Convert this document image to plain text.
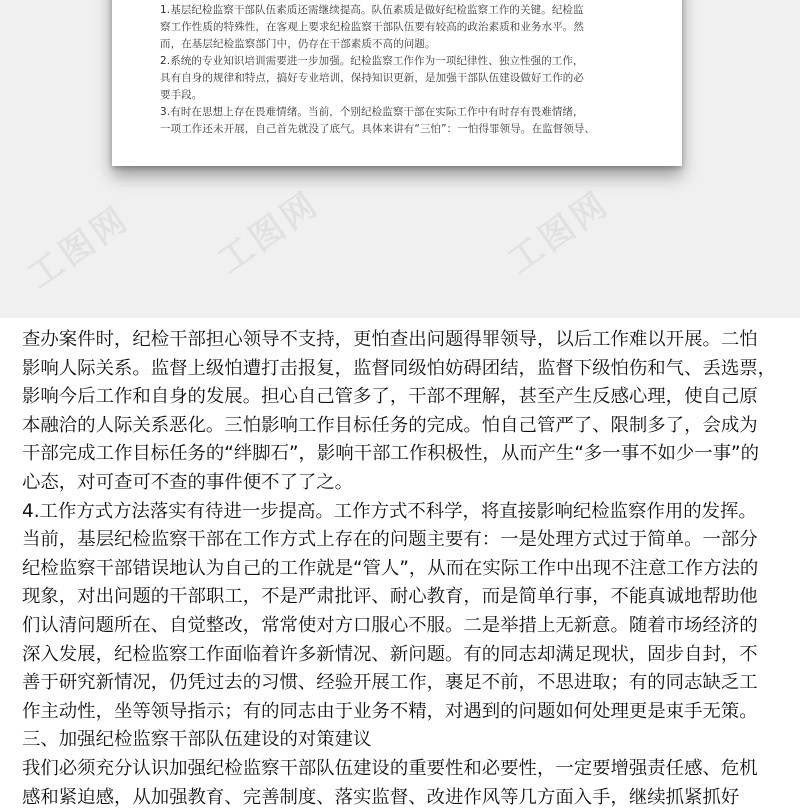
工图网	工图网
工图网
1.基层纪检监察干部队伍素质还需继续提高。队伍素质是做好纪检监察工作的关键。纪检监
察工作性质的特殊性，在客观上要求纪检监察干部队伍要有较高的政治素质和业务水平。然
而，在基层纪检监察部门中，仍存在干部素质不高的问题。
2.系统的专业知识培训需要进一步加强。纪检监察工作作为一项纪律性、独立性强的工作，
具有自身的规律和特点，搞好专业培训，保持知识更新，是加强干部队伍建设做好工作的必
要手段。
3.有时在思想上存在畏难情绪。当前，个别纪检监察干部在实际工作中有时存有畏难情绪，
一项工作还未开展，自己首先就没了底气。具体来讲有“三怕”：一怕得罪领导。在监督领导、
查办案件时，纪检干部担心领导不支持，更怕查出问题得罪领导，以后工作难以开展。二怕
影响人际关系。监督上级怕遭打击报复，监督同级怕妨碍团结，监督下级怕伤和气、丢选票，
影响今后工作和自身的发展。担心自己管多了，干部不理解，甚至产生反感心理，使自己原
本融洽的人际关系恶化。三怕影响工作目标任务的完成。怕自己管严了、限制多了，会成为
干部完成工作目标任务的“绊脚石”，影响干部工作积极性，从而产生“多一事不如少一事”的
心态，对可查可不查的事件便不了了之。
4.工作方式方法落实有待进一步提高。工作方式不科学，将直接影响纪检监察作用的发挥。
当前，基层纪检监察干部在工作方式上存在的问题主要有：一是处理方式过于简单。一部分
纪检监察干部错误地认为自己的工作就是“管人”，从而在实际工作中出现不注意工作方法的
现象，对出问题的干部职工，不是严肃批评、耐心教育，而是简单行事，不能真诚地帮助他
们认清问题所在、自觉整改，常常使对方口服心不服。二是举措上无新意。随着市场经济的
深入发展，纪检监察工作面临着许多新情况、新问题。有的同志却满足现状，固步自封，不
善于研究新情况，仍凭过去的习惯、经验开展工作，裹足不前，不思进取；有的同志缺乏工
作主动性，坐等领导指示；有的同志由于业务不精，对遇到的问题如何处理更是束手无策。
三、加强纪检监察干部队伍建设的对策建议
我们必须充分认识加强纪检监察干部队伍建设的重要性和必要性，一定要增强责任感、危机
感和紧迫感，从加强教育、完善制度、落实监督、改进作风等几方面入手，继续抓紧抓好
